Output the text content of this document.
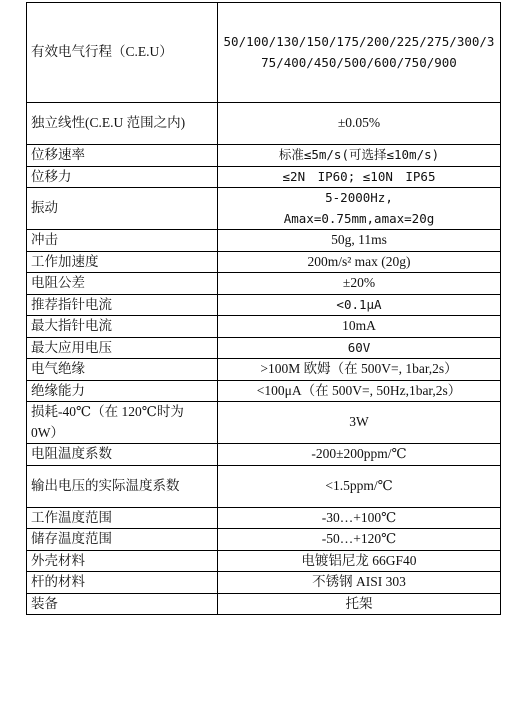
有效电气行程（C.E.U）	50/100/130/150/175/200/225/275/300/375/400/450/500/600/750/900
独立线性(C.E.U 范围之内)	±0.05%
位移速率	标准≤5m/s(可选择≤10m/s)
位移力	≤2N　IP60; ≤10N　IP65
振动	5-2000Hz,
Amax=0.75mm,amax=20g

冲击	50g, 11ms
工作加速度	200m/s² max (20g)
电阻公差	±20%
推荐指针电流	<0.1μA
最大指针电流	10mA
最大应用电压	60V
电气绝缘	>100M 欧姆（在 500V=, 1bar,2s）
绝缘能力	<100μA（在 500V=, 50Hz,1bar,2s）
损耗-40℃（在 120℃时为 0W）	3W
电阻温度系数	-200±200ppm/℃
输出电压的实际温度系数	<1.5ppm/℃
工作温度范围	-30…+100℃
储存温度范围	-50…+120℃
外壳材料	电镀铝尼龙 66GF40
杆的材料	不锈钢 AISI 303
装备	托架
